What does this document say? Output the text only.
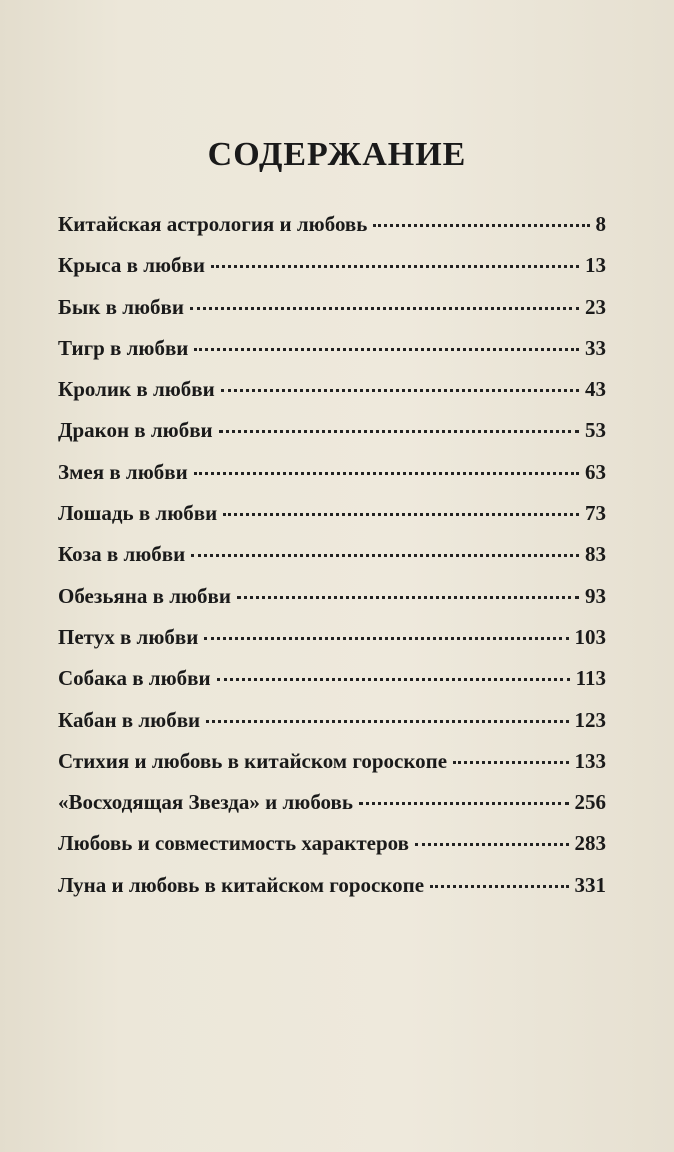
СОДЕРЖАНИЕ
Китайская астрология и любовь	8
Крыса в любви	13
Бык в любви	23
Тигр в любви	33
Кролик в любви	43
Дракон в любви	53
Змея в любви	63
Лошадь в любви	73
Коза в любви	83
Обезьяна в любви	93
Петух в любви	103
Собака в любви	113
Кабан в любви	123
Стихия и любовь в китайском гороскопе	133
«Восходящая Звезда» и любовь	256
Любовь и совместимость характеров	283
Луна и любовь в китайском гороскопе	331
